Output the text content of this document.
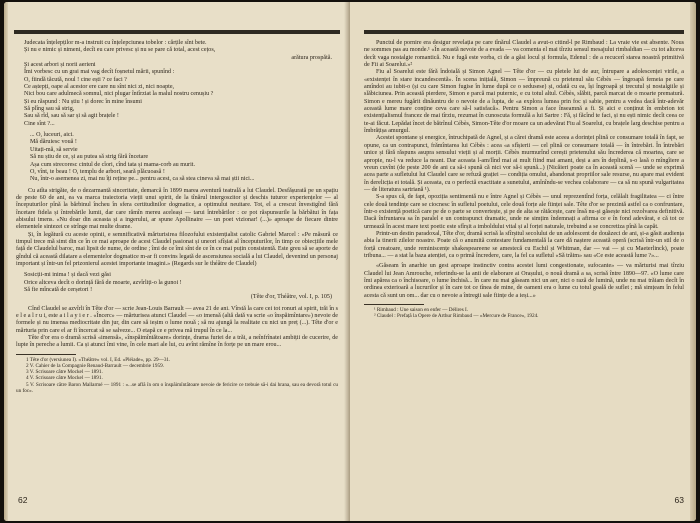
Judecata înțelepților m-a instruit cu înțelepciunea tobelor : cărțile sînt bete.
Și nu e nimic și nimeni, decît eu care privesc și nu se pare că total, acest cețos,
arătura prospătă.
Și acest arbori și norii aerieni
Îmi vorbesc cu un grai mai vag decît foșnetul mării, spunînd :
O, fiindă tăcută, noul ! cine ești ? ce faci ?
Ce aștepți, oape al acestor ere care nu sînt nici zi, nici noapte,
Nici bou care adulmecă somnul, nici plugar întîrziat la malul nostru cenușiu ?
Și eu răspund : Nu știu ! și dorec în mine însumi
Să plîng sau să strig,
Sau să rîd, sau să sar și să agit brațele !
Cine sînt ?...
... O, luceuri, aici.
Mă dăruiesc vouă !
Uitați-mă, să servie
Să nu știu de ce, și au putea să strig fără încetare
Așa cum strecoresc cintul de cîori, cînd tata și mama-corb au murit.
O, vînt, te beau ! O, templu de arbori, seară plăcuoasă !
Nu, într-o asemenea zi, mai nu îți reține pe... pentru acest, ca să stea cineva să mai știi nici...

Cu atîta strigăte, de o dezarmantă sinceritate, demarcă în 1899 marea aventură teatrală a lui Claudel. Desfășurată pe un spațiu de peste 60 de ani, ea va marca traiectoria vieții unui spirit, de la tînărul intergoszitor și deschis tuturor experiențelor — al începuturilor pînă la bărbinul încheu în sfera certitudinilor dogmatice, a optimului neuitare. Tot, el a crescut învestigînd fără încetare fidela și întrebările lumii, dar care rămîn mereu aceleași — tarui întrebărilor : ce pot răspunsurile la bărbătui în fața abisului imens. «Nu doar din aceasta și a ingerului, ar spune Apollinaire — un poet vizionar! (...)» aproape de fiecare dintre elementele sintezei ce strînge mai multe drame.

Și, în legătură cu aceste opinii, e semnificativă mărturisirea filozofului existențialist catolic Gabriel Marcel : «Pe măsură ce timpul trece mă simt din ce în ce mai aproape de acest Claudel pasionat și uneori sfîșiat al începuturilor, în timp ce obiecțiile mele față de Claudelul baroc, mai lipsit de nume, de ordine ; îmi de ce îmi sînt de ce în ce mai puțin consistentă. Este greu să se aporte de gîndul că aceastâ dilatare a elementelor dogmatice m-ar fi convins legată de ascensiunea socială a lui Claudel, devenind un personaj important și într-un fel prizonierul acestei importante imagini.» (Regards sur le théâtre de Claudel)

Sosicții-mi inima ! și dacă vezi găsi
Orice altceva decît o dorință fără de moarte, azvîrliți-o la gunoi !
Să fie mîncată de cerșetori !
(Tête d'or, Théâtre, vol. I, p. 105)

Cînd Claudel se azvîrli în Tête d'or — scrie Jean-Louis Barrault — avea 21 de ani. Vîrstă la care cei tot ronuri ai spirit, trăi în s e l e a l r u i, este a i l a y i e r . «Încerc» — mărturisea atunci Claudel — «o imensă (altă dată va scrie «o înspăimîntare») nevoie de formele și nu imensa mediocritate din jur, din care să ieșim o lume nouă ; să nu ajungă la realitate cu nici un preț (...). Tête d'or e mărturia prin care el ar fi încercat să se salveze... O etapă ce e privea mă trupul în ce la...

Tête d'or era o dramă scrisă «imensă», «înspăimîntătoare» dorințe, drama furiei de a trăi, a neînfrînatei ambiții de cucerire, de lupte în pereche a lumii. Ca și atunci îmi vine, în cele mari ale lui, cu avînt rămîne în forțe pe un mare erou...

1 Tête d'or (versiunea I). «Théâtre» vol. I, Ed. «Pléiade», pp. 29—31.

2 V. Cahier de la Compagnie Renaud-Barrault — decembrie 1959.

3 V. Scrisoare către Mockel — 1891.

4 V. Scrisoare către Mockel — 1891.

5 V. Scrisoare către Baron Mallarmé — 1891 : «...se află în om o înspăimîntătoare nevoie de fericire ce trebuie să-i dai hrana, sau ea devoră totul cu un foc».

62

Punctul de pornire era desigur revelația pe care tînărul Claudel a avut-o citind-l pe Rimbaud : La vraie vie est absente. Nous ne sommes pas au monde.¹ «În această nevoie de a evada — va comenta el mai tîrziu sensul mesajului rimbaldian — cu tot altceva decît vaga nostalgie romantică. Nu e fugă este vorba, ci de a găsi locul și formula, Edenul : de a recucerî starea noastră primitivă de Fii ai Soarelui.»²

Fiu al Soarelui este fără îndoială și Simon Agnel — Tête d'or — cu pletele lui de aur, întrupare a adolescenței virile, a «existenței în stare incandescentă». În scena inițială, Simon — împreună cu prietenul său Cébès — îngroapă femeia pe care amîndoi au iubit-o (și cu care Simon fugise în lume după ce o sedusese) și, odată cu ea, își îngroapă și trecutul și nostalgiile și slăbiciunea. Prin această pierdere, Simon e parcă mai puternic, e cu totul altul. Cébès, slăbit, parcă marcat de o moarte prematură. Simon e mereu fugărit dinăuntru de o nevoie de a lupta, de «a explora lumea prin foc și sabie, pentru a vedea dacă într-adevăr această lume mare conține ceva care să-l satisfacă». Pentru Simon a face înseamnă a fi. Și aici e conținut în embrion tot existențialismul francez de mai tîrziu, rezumat în cunoscuta formulă a lui Sartre : Fă, și făcînd te faci, și nu ești nimic decît ceea ce te-ai făcut. Lepădat încet de bătrînul Cébès, Simon-Tête d'or moare ca un adevărat Fiu al Soarelui, cu brațele larg deschise pentru a îmbrățișa amurgul.

Acestei spontane și energice, întruchipată de Agnel, și a cărei dramă este aceea a dorinței plină ce consumare totală în fapt, se opune, ca un contrapunct, frămîntarea lui Cébès : acea «a sfîșierii — cel plină ce consumare totală — în întrebări. În întrebări unice și fără răspuns asupra sensului vieții și al morții. Cébès murmurînd cerești prietenului său încrederea că moartea, care se apropie, nu-l va reduce la neant. Dar aceasta l-am/lînd mai ai mult fiind mai amant, deși a ars în deplină, s-o lasă o mîngîiere a vreun cuvînt (de peste 200 de ani ca să-i spună că nici vor să-i spună...) (Nicăieri poate ca în această scenă — unde se exprimă acea parte a sufletului lui Claudel care se refuză grației — condiția omului, abandonat propriilor sale resurse, nu apare mai evident în derelicția ei totală. Și aceasta, cu o perfectă exactitate a sunetului, amînîndu-se vechea colaborare — ca să nu spună vulgaritatea — de literatura sartriană ¹).

S-a spus că, de fapt, opoziția sentimentă nu e între Agnel și Cébès — unul reprezentînd forța, celălalt fragilitatea — ci între cele două tendințe care se ciocnesc în sufletul poetului, cele două forțe ale ființei sale. Tête d'or se prezintă astfel ca o confruntare, într-o existență poetică care pe de o parte se convertește, și pe de alta se rătăcește, care însă nu-și găsește nici rezolvarea definitivă. Dacă înfruntarea sa în paralel e un contrapunct dramatic, unde ne simțim îndemnați a afirma ce e în fond adevărat, e că tot ce urmează în acest mare text poetic este sfîrșit a imboldului vital și al forței naturale, trebuind a se concretiza pînă la capăt.

Printr-un destin paradoxal, Tête d'or, dramă scrisă la sfîrșitul secolului de un adolescent de douăzeci de ani, și-a găsit audiența abia la tinerii zilelor noastre. Poate că o anumită contestare fundamentală la care dă naștere această operă (scrisă într-un stil de o forță creatoare, unde reminiscențe shakespeareene se amestecă cu Eschil și Whitman, dar — vai — și cu Maeterlinck), poate tribuna... — a stat la baza atenției, ca o primă încredere, care, la fel ca sufletul «Să trăim» sau «Ce este această lume ?»...

«Găseam în anarhie un gest aproape instinctiv contra acestei lumi congestionate, sufocante» — va mărturisi mai tîrziu Claudel lui Jean Amrouche, referindu-se la anii de elaborare ai Orașului, o nouă dramă a sa, scrisă între 1890—97. «O lume care îmi apărea ca o închisoare, o lume închisă... în care nu mai găseam nici un aer, nici o rază de lumină, unde nu mai trăiam decît în ordinea exterioară a lucrurilor și în care tot ce tînea de mine, de oameni era o lume cu totul goală de suflet ; mă simțeam în felul acesta că sunt un om... dar cu o nevoie a întregii sale ființe de a ieși...»

¹ Rimbaud : Une saison en enfer — Délires I.

² Claudel : Prefață la Opere de Arthur Rimbaud — «Mercure de France», 1924.

63
